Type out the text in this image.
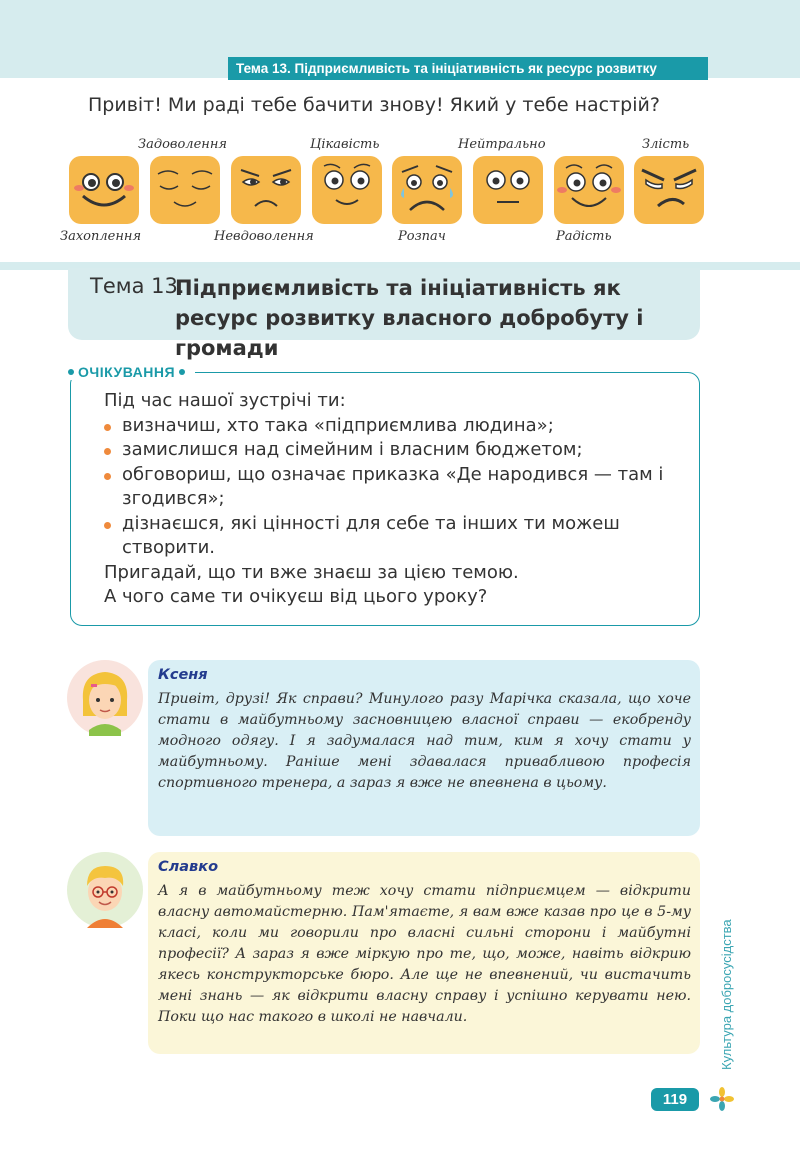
Тема 13. Підприємливість та ініціативність як ресурс розвитку
Привіт! Ми раді тебе бачити знову! Який у тебе настрій?
Задоволення	Цікавість	Нейтрально	Злість
Захоплення	Невдоволення	Розпач	Радість
Тема 13.
Підприємливість та ініціативність як ресурс розвитку власного добробуту і громади
ОЧІКУВАННЯ
Під час нашої зустрічі ти:
визначиш, хто така «підприємлива людина»;
замислишся над сімейним і власним бюджетом;
обговориш, що означає приказка «Де народився — там і згодився»;
дізнаєшся, які цінності для себе та інших ти можеш створити.
Пригадай, що ти вже знаєш за цією темою.
А чого саме ти очікуєш від цього уроку?
Ксеня
Привіт, друзі! Як справи? Минулого разу Марічка сказала, що хоче стати в майбутньому засновницею власної справи — екобренду модного одягу. І я задумалася над тим, ким я хочу стати у майбутньому. Раніше мені здавалася привабливою професія спортивного тренера, а зараз я вже не впевнена в цьому.
Славко
А я в майбутньому теж хочу стати підприємцем — відкрити власну автомайстерню. Пам'ятаєте, я вам вже казав про це в 5-му класі, коли ми говорили про власні сильні сторони і майбутні професії? А зараз я вже міркую про те, що, може, навіть відкрию якесь конструкторське бюро. Але ще не впевнений, чи вистачить мені знань — як відкрити власну справу і успішно керувати нею. Поки що нас такого в школі не навчали.	Культура добросусідства
119
